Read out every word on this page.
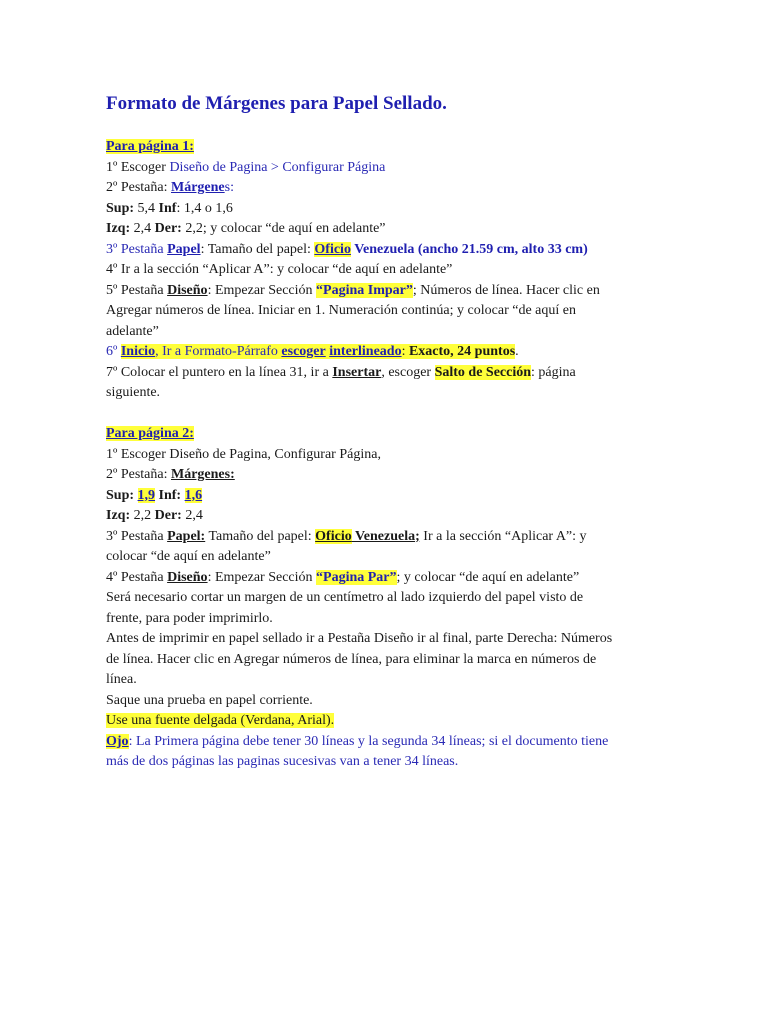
Formato de Márgenes para Papel Sellado.

Para página 1:

1º Escoger Diseño de Pagina > Configurar Página

2º Pestaña: Márgenes:

Sup: 5,4 Inf: 1,4 o 1,6

Izq: 2,4 Der: 2,2; y colocar “de aquí en adelante”

3º Pestaña Papel: Tamaño del papel: Oficio Venezuela (ancho 21.59 cm, alto 33 cm)

4º Ir a la sección “Aplicar A”: y colocar “de aquí en adelante”

5º Pestaña Diseño: Empezar Sección “Pagina Impar”; Números de línea. Hacer clic en

Agregar números de línea. Iniciar en 1. Numeración continúa; y colocar “de aquí en

adelante”

6º Inicio, Ir a Formato-Párrafo escoger interlineado: Exacto, 24 puntos.

7º Colocar el puntero en la línea 31, ir a Insertar, escoger Salto de Sección: página

siguiente.

Para página 2:

1º Escoger Diseño de Pagina, Configurar Página,

2º Pestaña: Márgenes:

Sup: 1,9 Inf: 1,6

Izq: 2,2 Der: 2,4

3º Pestaña Papel: Tamaño del papel: Oficio Venezuela; Ir a la sección “Aplicar A”: y

colocar “de aquí en adelante”

4º Pestaña Diseño: Empezar Sección “Pagina Par”; y colocar “de aquí en adelante”

Será necesario cortar un margen de un centímetro al lado izquierdo del papel visto de

frente, para poder imprimirlo.

Antes de imprimir en papel sellado ir a Pestaña Diseño ir al final, parte Derecha: Números

de línea. Hacer clic en Agregar números de línea, para eliminar la marca en números de

línea.

Saque una prueba en papel corriente.

Use una fuente delgada (Verdana, Arial).

Ojo: La Primera página debe tener 30 líneas y la segunda 34 líneas; si el documento tiene

más de dos páginas las paginas sucesivas van a tener 34 líneas.
